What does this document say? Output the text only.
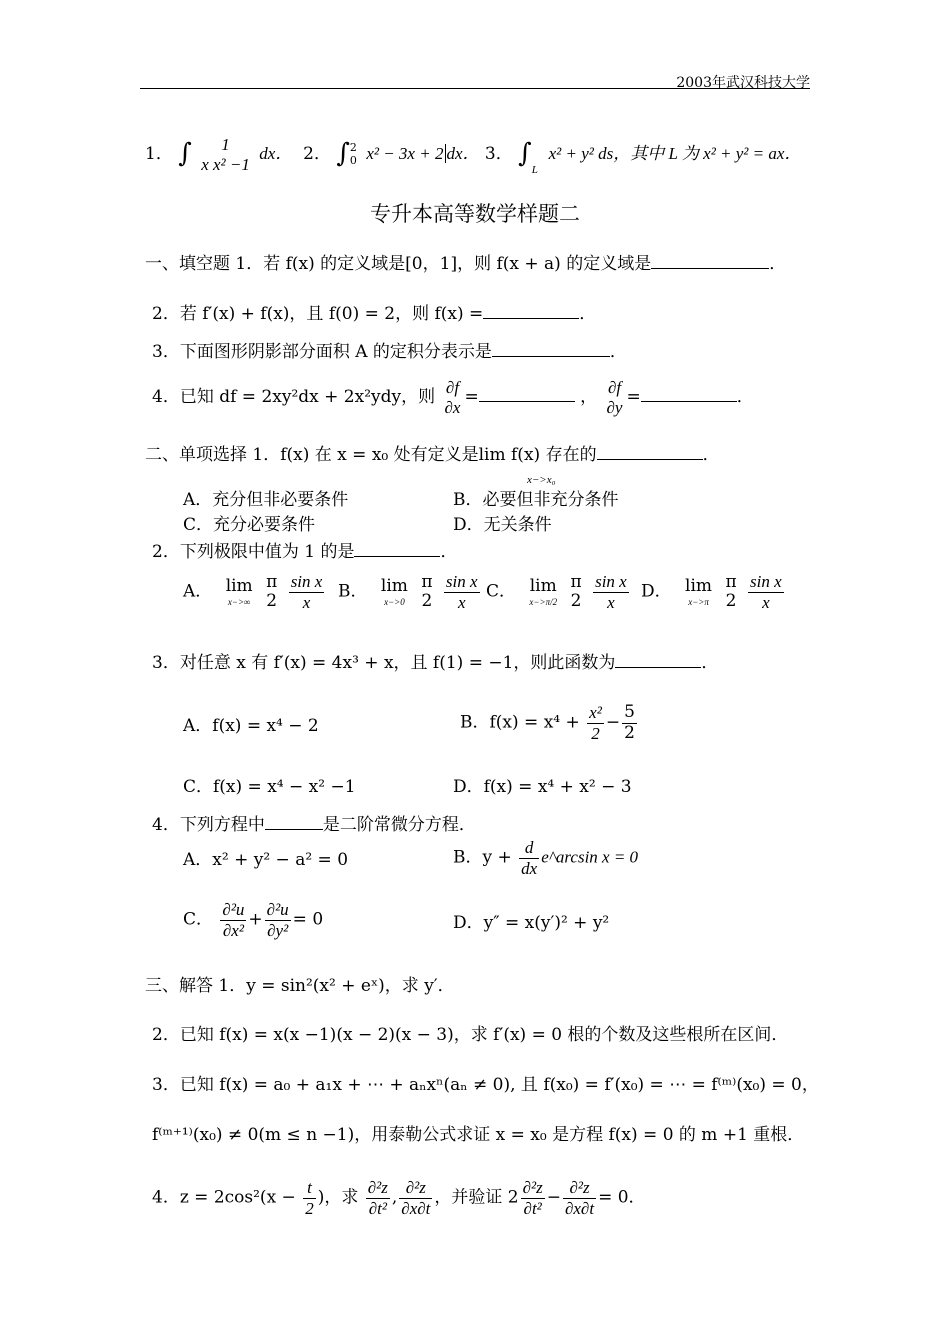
2003年武汉科技大学
1． ∫	1
x x² −1
dx． 2． ∫ 2
0 x² − 3x + 2 dx． 3． $\int_L$  x² + y² ds，其中 L 为 x² + y² = ax．
专升本高等数学样题二
一、填空题 1．若 f(x) 的定义域是[0，1]，则 f(x + a) 的定义域是	．
2．若 f′(x) + f(x)，且 f(0) = 2，则 f(x) =	．
3．下面图形阴影部分面积 A 的定积分表示是	．
4．已知 df = 2xy²dx + 2x²ydy，则 ∂f
∂x =	， ∂f
∂y =	．
二、单项选择 1．f(x) 在 x = x₀ 处有定义是lim f(x) 存在的	．
x−>x₀
A．充分但非必要条件	B．必要但非充分条件
C．充分必要条件	D．无关条件
2．下列极限中值为 1 的是	．
A． lim
x−>∞

π
2
$\frac{\text{sin x}}{x}$ B． lim
x−>0

π
2
$\frac{\text{sin x}}{x}$ C． lim
x−>π/2

π
2
$\frac{\text{sin x}}{x}$ D． lim
x−>π

π
2
$\frac{\text{sin x}}{x}$
3．对任意 x 有 f′(x) = 4x³ + x，且 f(1) = −1，则此函数为	．
A．f(x) = x⁴ − 2	B．$f(x) = x^4 + \frac{\text{x²}}{2} - \frac{5}{2}$
C．f(x) = x⁴ − x² −1	D．f(x) = x⁴ + x² − 3
4．下列方程中	是二阶常微分方程．
A．x² + y² − a² = 0	B．$y + \frac{d}{dx}$ e^arcsin x = 0
C． $\frac{\text{∂²u}}{\text{∂x²}} + \frac{\text{∂²u}}{\text{∂y²}} = 0$	D．y″ = x(y′)² + y²
三、解答 1．y = sin²(x² + eˣ)，求 y′．
2．已知 f(x) = x(x −1)(x − 2)(x − 3)，求 f′(x) = 0 根的个数及这些根所在区间．
3．已知 f(x) = a₀ + a₁x + ⋯ + aₙxⁿ(aₙ ≠ 0), 且 f(x₀) = f′(x₀) = ⋯ = f⁽ᵐ⁾(x₀) = 0，
f⁽ᵐ⁺¹⁾(x₀) ≠ 0(m ≤ n −1)，用泰勒公式求证 x = x₀ 是方程 f(x) = 0 的 m +1 重根．
4．$z = 2\cos^2(x - \frac{t}{2}$ )，求 $\frac{\text{∂²z}}{\text{∂t²}}$ , $\frac{\text{∂²z}}{\partial x\partial t}$ ，并验证 $2 \frac{\text{∂²z}}{\text{∂t²}} - \frac{\text{∂²z}}{\partial x\partial t} = 0$．
